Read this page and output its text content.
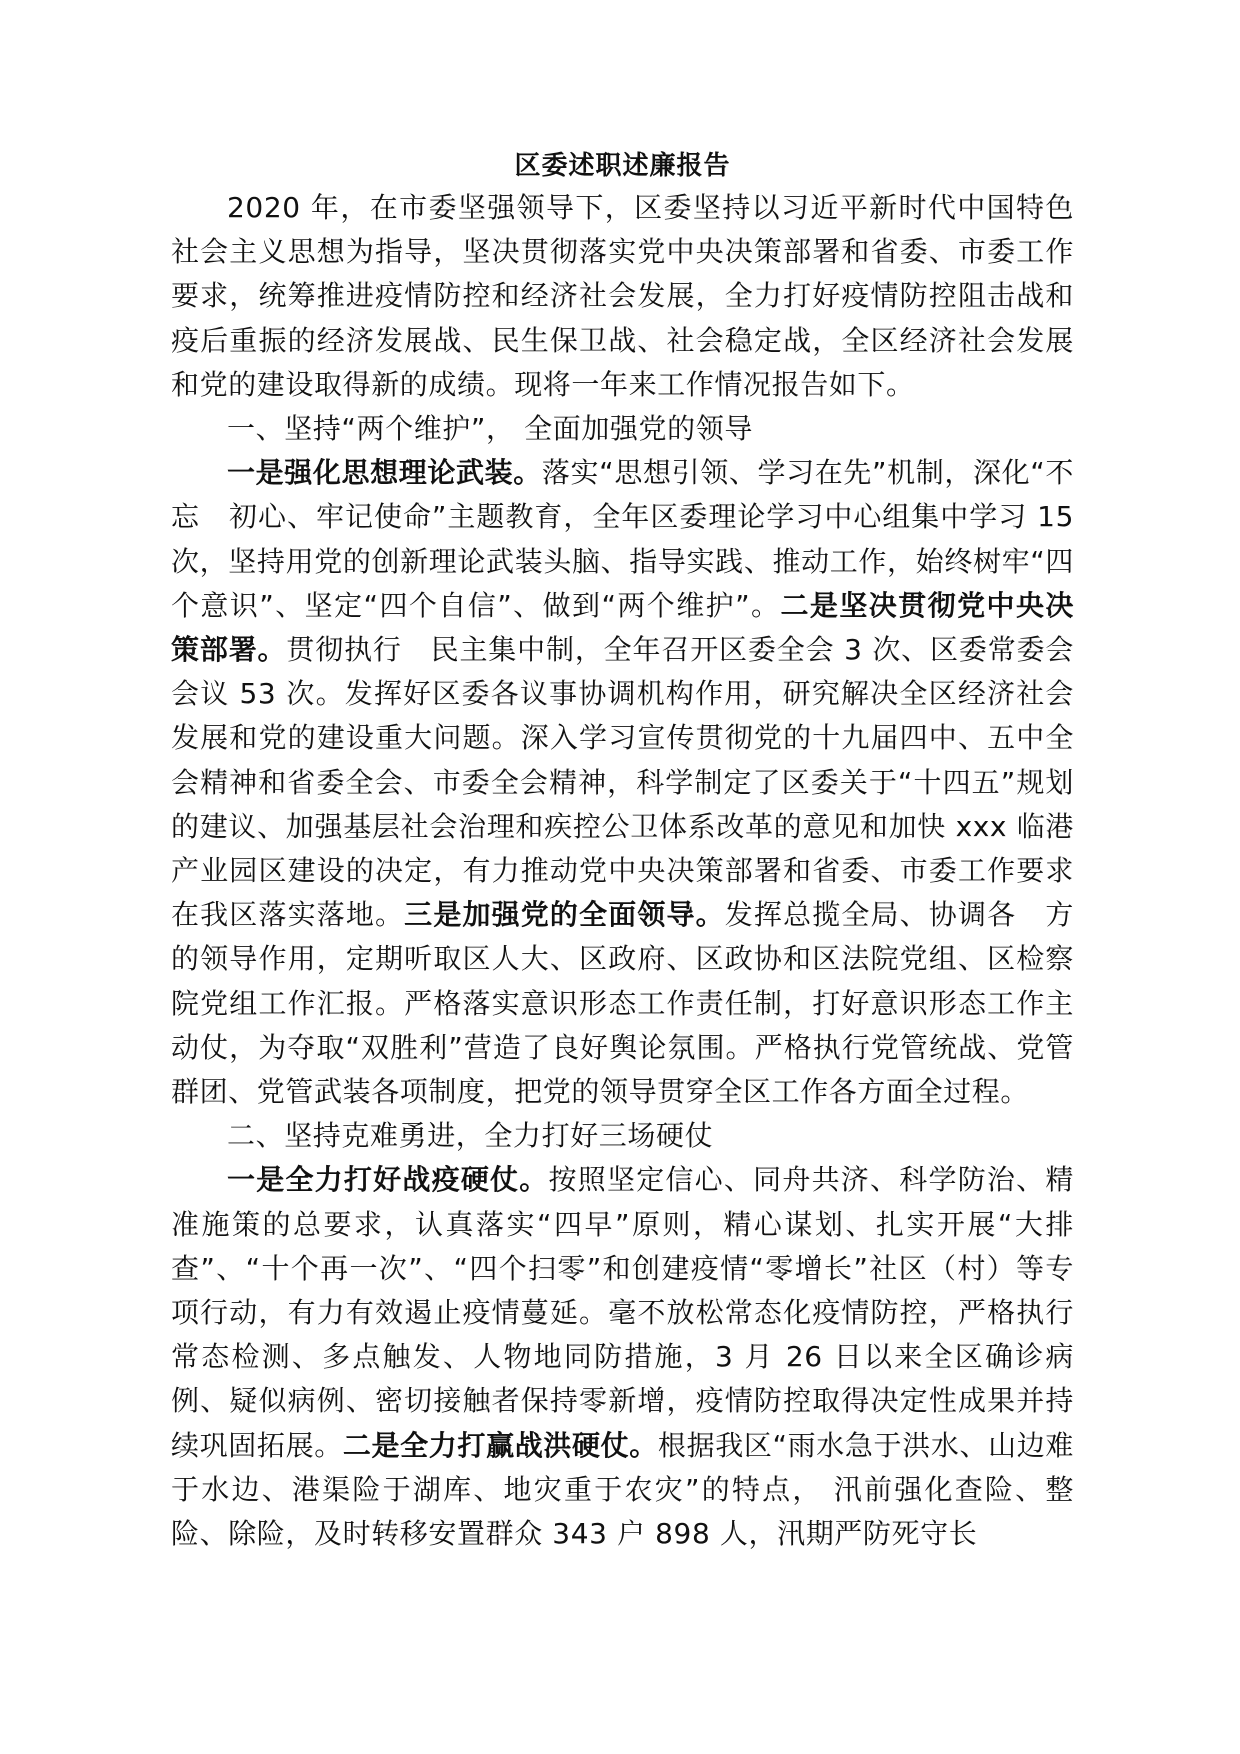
区委述职述廉报告

2020 年，在市委坚强领导下，区委坚持以习近平新时代中国特色社会主义思想为指导，坚决贯彻落实党中央决策部署和省委、市委工作要求，统筹推进疫情防控和经济社会发展，全力打好疫情防控阻击战和疫后重振的经济发展战、民生保卫战、社会稳定战，全区经济社会发展和党的建设取得新的成绩。现将一年来工作情况报告如下。

一、坚持“两个维护”， 全面加强党的领导

一是强化思想理论武装。落实“思想引领、学习在先”机制，深化“不忘　初心、牢记使命”主题教育，全年区委理论学习中心组集中学习 15 次，坚持用党的创新理论武装头脑、指导实践、推动工作，始终树牢“四个意识”、坚定“四个自信”、做到“两个维护”。二是坚决贯彻党中央决策部署。贯彻执行　民主集中制，全年召开区委全会 3 次、区委常委会会议 53 次。发挥好区委各议事协调机构作用，研究解决全区经济社会发展和党的建设重大问题。深入学习宣传贯彻党的十九届四中、五中全会精神和省委全会、市委全会精神，科学制定了区委关于“十四五”规划的建议、加强基层社会治理和疾控公卫体系改革的意见和加快 xxx 临港产业园区建设的决定，有力推动党中央决策部署和省委、市委工作要求在我区落实落地。三是加强党的全面领导。发挥总揽全局、协调各　方的领导作用，定期听取区人大、区政府、区政协和区法院党组、区检察院党组工作汇报。严格落实意识形态工作责任制，打好意识形态工作主动仗，为夺取“双胜利”营造了良好舆论氛围。严格执行党管统战、党管群团、党管武装各项制度，把党的领导贯穿全区工作各方面全过程。

二、坚持克难勇进，全力打好三场硬仗

一是全力打好战疫硬仗。按照坚定信心、同舟共济、科学防治、精准施策的总要求，认真落实“四早”原则，精心谋划、扎实开展“大排查”、“十个再一次”、“四个扫零”和创建疫情“零增长”社区（村）等专项行动，有力有效遏止疫情蔓延。毫不放松常态化疫情防控，严格执行常态检测、多点触发、人物地同防措施，3 月 26 日以来全区确诊病例、疑似病例、密切接触者保持零新增，疫情防控取得决定性成果并持续巩固拓展。二是全力打赢战洪硬仗。根据我区“雨水急于洪水、山边难于水边、港渠险于湖库、地灾重于农灾”的特点， 汛前强化查险、整险、除险，及时转移安置群众 343 户 898 人，汛期严防死守长
